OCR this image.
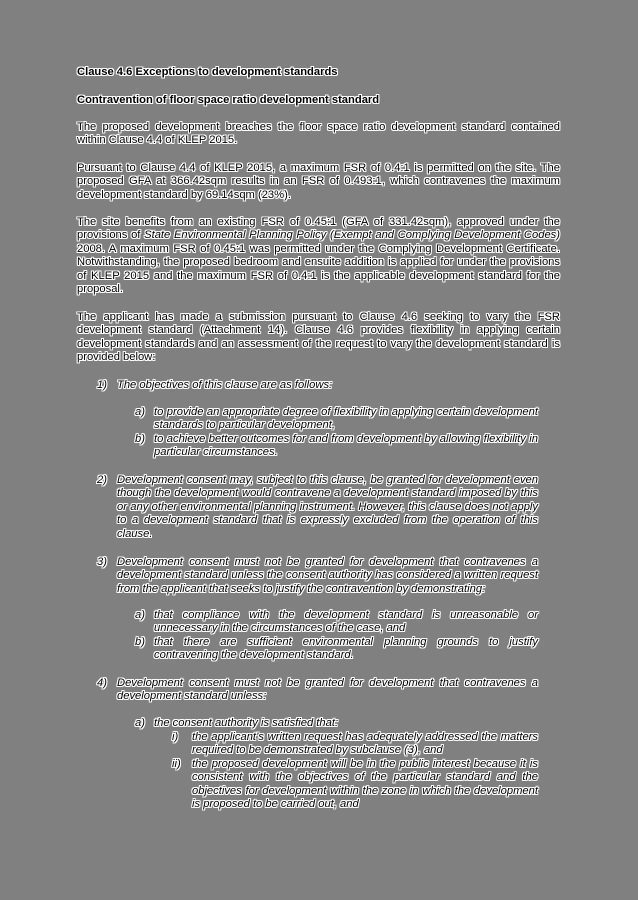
Clause 4.6 Exceptions to development standards
Contravention of floor space ratio development standard
The proposed development breaches the floor space ratio development standard contained within Clause 4.4 of KLEP 2015.
Pursuant to Clause 4.4 of KLEP 2015, a maximum FSR of 0.4:1 is permitted on the site. The proposed GFA at 366.42sqm results in an FSR of 0.493:1, which contravenes the maximum development standard by 69.14sqm (23%).
The site benefits from an existing FSR of 0.45:1 (GFA of 331.42sqm), approved under the provisions of State Environmental Planning Policy (Exempt and Complying Development Codes) 2008. A maximum FSR of 0.45:1 was permitted under the Complying Development Certificate. Notwithstanding, the proposed bedroom and ensuite addition is applied for under the provisions of KLEP 2015 and the maximum FSR of 0.4:1 is the applicable development standard for the proposal.
The applicant has made a submission pursuant to Clause 4.6 seeking to vary the FSR development standard (Attachment 14). Clause 4.6 provides flexibility in applying certain development standards and an assessment of the request to vary the development standard is provided below:
1) The objectives of this clause are as follows:
a) to provide an appropriate degree of flexibility in applying certain development standards to particular development,
b) to achieve better outcomes for and from development by allowing flexibility in particular circumstances.
2) Development consent may, subject to this clause, be granted for development even though the development would contravene a development standard imposed by this or any other environmental planning instrument. However, this clause does not apply to a development standard that is expressly excluded from the operation of this clause.
3) Development consent must not be granted for development that contravenes a development standard unless the consent authority has considered a written request from the applicant that seeks to justify the contravention by demonstrating:
a) that compliance with the development standard is unreasonable or unnecessary in the circumstances of the case, and
b) that there are sufficient environmental planning grounds to justify contravening the development standard.
4) Development consent must not be granted for development that contravenes a development standard unless:
a) the consent authority is satisfied that:
i) the applicant’s written request has adequately addressed the matters required to be demonstrated by subclause (3), and
ii) the proposed development will be in the public interest because it is consistent with the objectives of the particular standard and the objectives for development within the zone in which the development is proposed to be carried out, and
